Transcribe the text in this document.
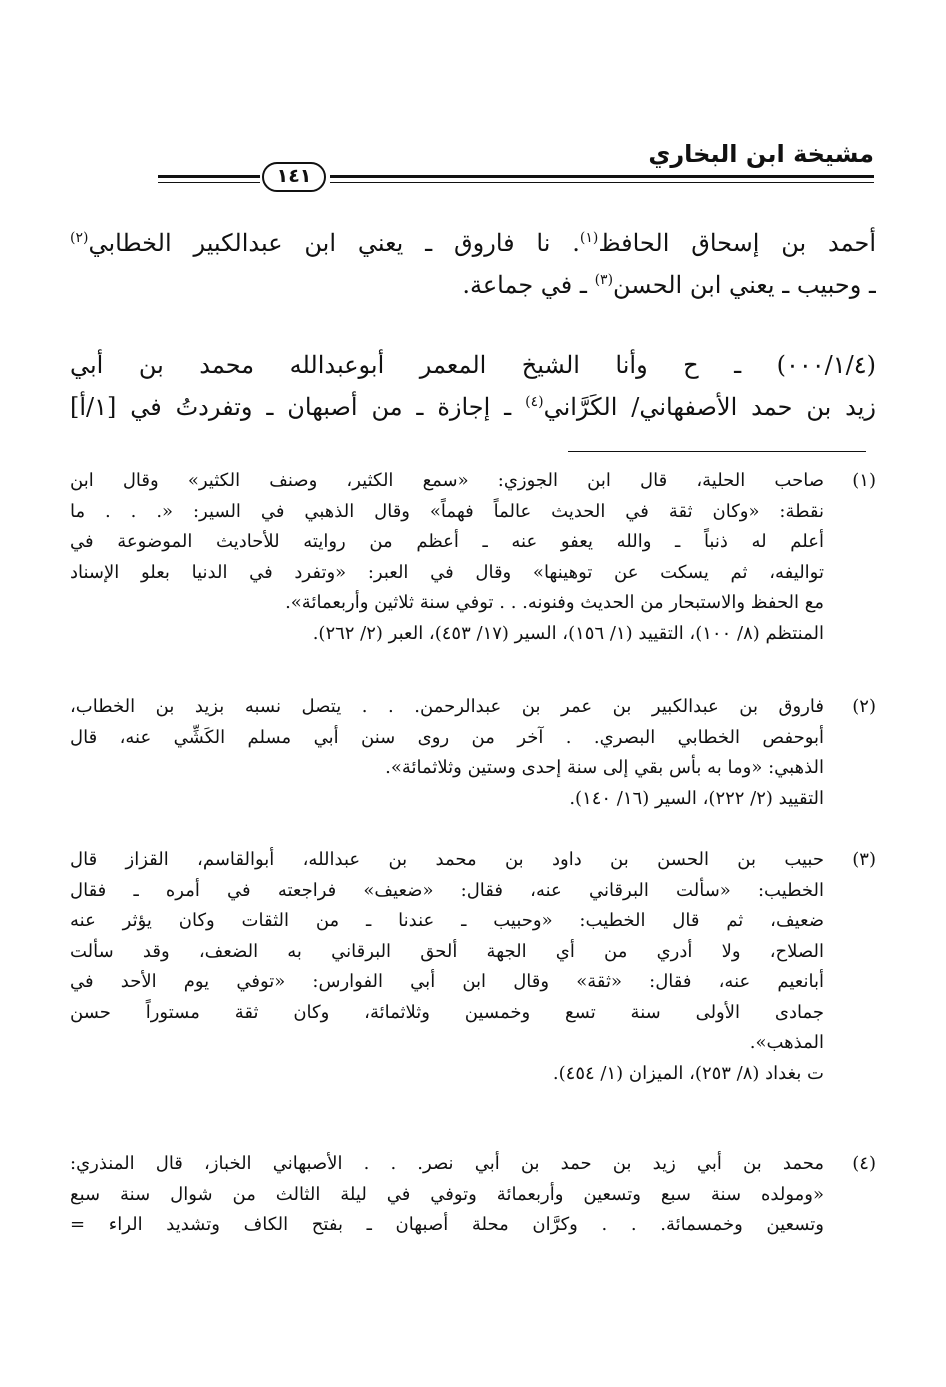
مشيخة ابن البخاري
١٤١
أحمد بن إسحاق الحافظ$^{(١)}$. نا فاروق ـ يعني ابن عبدالكبير الخطابي$^{(٢)}$
ـ وحبيب ـ يعني ابن الحسن$^{(٣)}$ ـ في جماعة.
(٠٠٠/١/٤) ـ ح وأنا الشيخ المعمر أبوعبدالله محمد بن أبي
زيد بن حمد الأصفهاني/ الكَرَّاني$^{(٤)}$ ـ إجازة ـ من أصبهان ـ وتفردتُ في [١/أ]
(١)
صاحب الحلية، قال ابن الجوزي: «سمع الكثير، وصنف الكثير» وقال ابن
نقطة: «وكان ثقة في الحديث عالماً فهماً» وقال الذهبي في السير: «. . . ما
أعلم له ذنباً ـ والله يعفو عنه ـ أعظم من روايته للأحاديث الموضوعة في
تواليفه، ثم يسكت عن توهينها» وقال في العبر: «وتفرد في الدنيا بعلو الإسناد
مع الحفظ والاستبحار من الحديث وفنونه. . . توفي سنة ثلاثين وأربعمائة».
المنتظم (٨/ ١٠٠)، التقييد (١/ ١٥٦)، السير (١٧/ ٤٥٣)، العبر (٢/ ٢٦٢).
(٢)
فاروق بن عبدالكبير بن عمر بن عبدالرحمن. . . يتصل نسبه بزيد بن الخطاب،
أبوحفص الخطابي البصري. . آخر من روى سنن أبي مسلم الكَشِّي عنه، قال
الذهبي: «وما به بأس بقي إلى سنة إحدى وستين وثلاثمائة».
التقييد (٢/ ٢٢٢)، السير (١٦/ ١٤٠).
(٣)
حبيب بن الحسن بن داود بن محمد بن عبدالله، أبوالقاسم، القزاز قال
الخطيب: «سألت البرقاني عنه، فقال: «ضعيف» فراجعته في أمره ـ فقال
ضعيف، ثم قال الخطيب: «وحبيب ـ عندنا ـ من الثقات وكان يؤثر عنه
الصلاح، ولا أدري من أي الجهة ألحق البرقاني به الضعف، وقد سألت
أبانعيم عنه، فقال: «ثقة» وقال ابن أبي الفوارس: «توفي يوم الأحد في
جمادى الأولى سنة تسع وخمسين وثلاثمائة، وكان ثقة مستوراً حسن
المذهب».
ت بغداد (٨/ ٢٥٣)، الميزان (١/ ٤٥٤).
(٤)
محمد بن أبي زيد بن حمد بن أبي نصر. . . الأصبهاني الخباز، قال المنذري:
«ومولده سنة سبع وتسعين وأربعمائة وتوفي في ليلة الثالث من شوال سنة سبع
وتسعين وخمسمائة. . . وكرَّان محلة أصبهان ـ بفتح الكاف وتشديد الراء =
